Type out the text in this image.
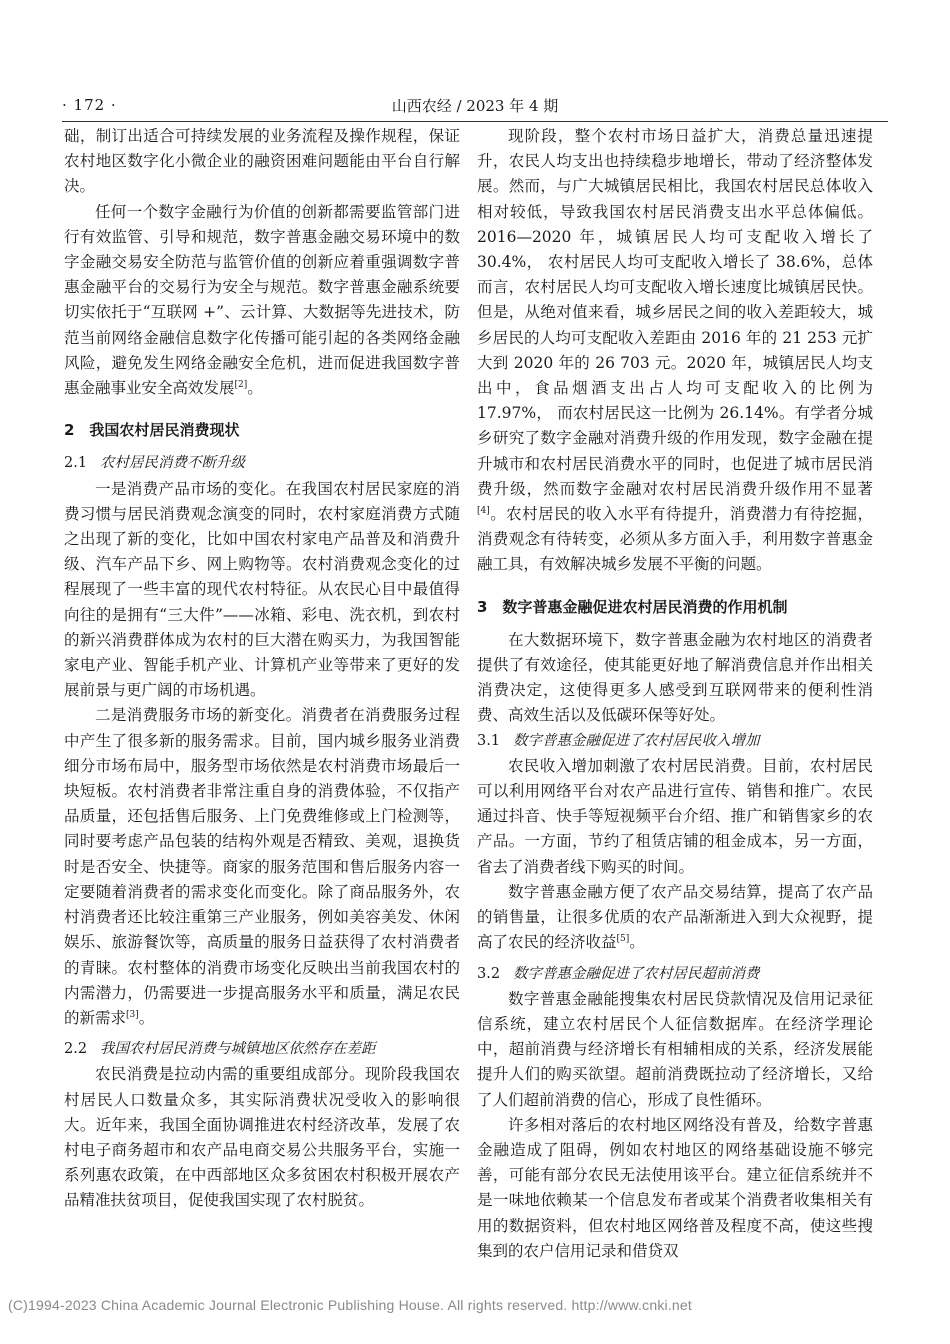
· 172 ·	山西农经 / 2023 年 4 期

础，制订出适合可持续发展的业务流程及操作规程，保证农村地区数字化小微企业的融资困难问题能由平台自行解决。

任何一个数字金融行为价值的创新都需要监管部门进行有效监管、引导和规范，数字普惠金融交易环境中的数字金融交易安全防范与监管价值的创新应着重强调数字普惠金融平台的交易行为安全与规范。数字普惠金融系统要切实依托于“互联网 +”、云计算、大数据等先进技术，防范当前网络金融信息数字化传播可能引起的各类网络金融风险，避免发生网络金融安全危机，进而促进我国数字普惠金融事业安全高效发展[2]。

2　我国农村居民消费现状

2.1 农村居民消费不断升级

一是消费产品市场的变化。在我国农村居民家庭的消费习惯与居民消费观念演变的同时，农村家庭消费方式随之出现了新的变化，比如中国农村家电产品普及和消费升级、汽车产品下乡、网上购物等。农村消费观念变化的过程展现了一些丰富的现代农村特征。从农民心目中最值得向往的是拥有“三大件”——冰箱、彩电、洗衣机，到农村的新兴消费群体成为农村的巨大潜在购买力，为我国智能家电产业、智能手机产业、计算机产业等带来了更好的发展前景与更广阔的市场机遇。

二是消费服务市场的新变化。消费者在消费服务过程中产生了很多新的服务需求。目前，国内城乡服务业消费细分市场布局中，服务型市场依然是农村消费市场最后一块短板。农村消费者非常注重自身的消费体验，不仅指产品质量，还包括售后服务、上门免费维修或上门检测等，同时要考虑产品包装的结构外观是否精致、美观，退换货时是否安全、快捷等。商家的服务范围和售后服务内容一定要随着消费者的需求变化而变化。除了商品服务外，农村消费者还比较注重第三产业服务，例如美容美发、休闲娱乐、旅游餐饮等，高质量的服务日益获得了农村消费者的青睐。农村整体的消费市场变化反映出当前我国农村的内需潜力，仍需要进一步提高服务水平和质量，满足农民的新需求[3]。

2.2 我国农村居民消费与城镇地区依然存在差距

农民消费是拉动内需的重要组成部分。现阶段我国农村居民人口数量众多，其实际消费状况受收入的影响很大。近年来，我国全面协调推进农村经济改革，发展了农村电子商务超市和农产品电商交易公共服务平台，实施一系列惠农政策，在中西部地区众多贫困农村积极开展农产品精准扶贫项目，促使我国实现了农村脱贫。

现阶段，整个农村市场日益扩大，消费总量迅速提升，农民人均支出也持续稳步地增长，带动了经济整体发展。然而，与广大城镇居民相比，我国农村居民总体收入相对较低，导致我国农村居民消费支出水平总体偏低。2016—2020 年，城镇居民人均可支配收入增长了 30.4%， 农村居民人均可支配收入增长了 38.6%，总体而言，农村居民人均可支配收入增长速度比城镇居民快。但是，从绝对值来看，城乡居民之间的收入差距较大，城乡居民的人均可支配收入差距由 2016 年的 21 253 元扩大到 2020 年的 26 703 元。2020 年，城镇居民人均支出中，食品烟酒支出占人均可支配收入的比例为 17.97%， 而农村居民这一比例为 26.14%。有学者分城乡研究了数字金融对消费升级的作用发现，数字金融在提升城市和农村居民消费水平的同时，也促进了城市居民消费升级，然而数字金融对农村居民消费升级作用不显著[4]。农村居民的收入水平有待提升，消费潜力有待挖掘，消费观念有待转变，必须从多方面入手，利用数字普惠金融工具，有效解决城乡发展不平衡的问题。

3　数字普惠金融促进农村居民消费的作用机制

在大数据环境下，数字普惠金融为农村地区的消费者提供了有效途径，使其能更好地了解消费信息并作出相关消费决定，这使得更多人感受到互联网带来的便利性消费、高效生活以及低碳环保等好处。

3.1 数字普惠金融促进了农村居民收入增加

农民收入增加刺激了农村居民消费。目前，农村居民可以利用网络平台对农产品进行宣传、销售和推广。农民通过抖音、快手等短视频平台介绍、推广和销售家乡的农产品。一方面，节约了租赁店铺的租金成本，另一方面，省去了消费者线下购买的时间。

数字普惠金融方便了农产品交易结算，提高了农产品的销售量，让很多优质的农产品渐渐进入到大众视野，提高了农民的经济收益[5]。

3.2 数字普惠金融促进了农村居民超前消费

数字普惠金融能搜集农村居民贷款情况及信用记录征信系统，建立农村居民个人征信数据库。在经济学理论中，超前消费与经济增长有相辅相成的关系，经济发展能提升人们的购买欲望。超前消费既拉动了经济增长，又给了人们超前消费的信心，形成了良性循环。

许多相对落后的农村地区网络没有普及，给数字普惠金融造成了阻碍，例如农村地区的网络基础设施不够完善，可能有部分农民无法使用该平台。建立征信系统并不是一味地依赖某一个信息发布者或某个消费者收集相关有用的数据资料，但农村地区网络普及程度不高，使这些搜集到的农户信用记录和借贷双

(C)1994-2023 China Academic Journal Electronic Publishing House. All rights reserved. http://www.cnki.net
